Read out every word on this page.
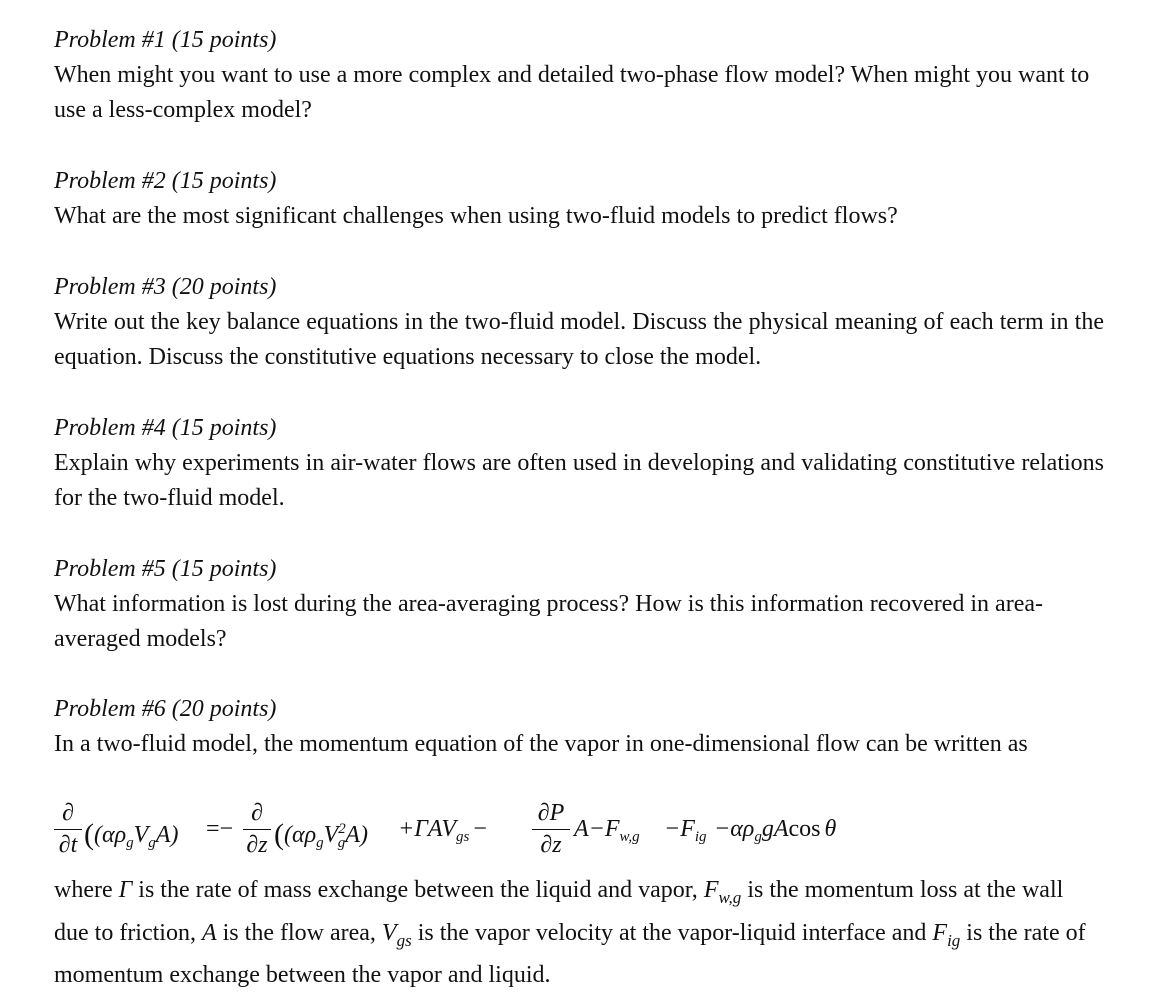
Problem #1 (15 points)
When might you want to use a more complex and detailed two-phase flow model? When might you want to use a less-complex model?
Problem #2 (15 points)
What are the most significant challenges when using two-fluid models to predict flows?
Problem #3 (20 points)
Write out the key balance equations in the two-fluid model. Discuss the physical meaning of each term in the equation. Discuss the constitutive equations necessary to close the model.
Problem #4 (15 points)
Explain why experiments in air-water flows are often used in developing and validating constitutive relations for the two-fluid model.
Problem #5 (15 points)
What information is lost during the area-averaging process? How is this information recovered in area-averaged models?
Problem #6 (20 points)
In a two-fluid model, the momentum equation of the vapor in one-dimensional flow can be written as
∂
∂t ($(\alpha\rho_gV_gA)$ =−
∂
∂z ($(\alpha\rho_gV^2_gA) +\Gamma AV_{gs}$ −
∂P
∂z
$A-F_{w,g} -F_{ig} -\alpha\rho_ggAcos$ θ
where Γ is the rate of mass exchange between the liquid and vapor, $F_{w,g}$ is the momentum loss at the wall due to friction, A is the flow area, $V_{gs}$ is the vapor velocity at the vapor-liquid interface and $F_{ig}$ is the rate of momentum exchange between the vapor and liquid.
